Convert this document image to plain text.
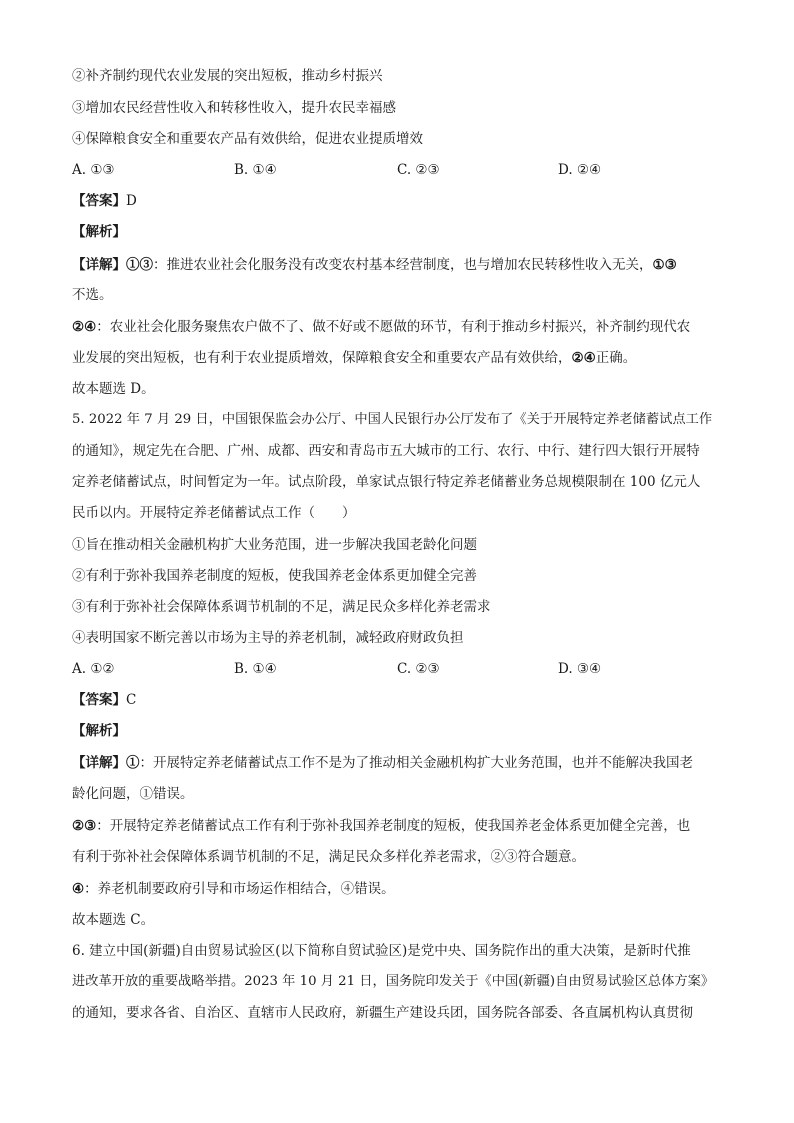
②补齐制约现代农业发展的突出短板，推动乡村振兴
③增加农民经营性收入和转移性收入，提升农民幸福感
④保障粮食安全和重要农产品有效供给，促进农业提质增效
A. ①③	B. ①④	C. ②③	D. ②④
【答案】D
【解析】
【详解】①③：推进农业社会化服务没有改变农村基本经营制度，也与增加农民转移性收入无关，①③
不选。
②④：农业社会化服务聚焦农户做不了、做不好或不愿做的环节，有利于推动乡村振兴，补齐制约现代农
业发展的突出短板，也有利于农业提质增效，保障粮食安全和重要农产品有效供给，②④正确。
故本题选 D。
5. 2022 年 7 月 29 日，中国银保监会办公厅、中国人民银行办公厅发布了《关于开展特定养老储蓄试点工作
的通知》，规定先在合肥、广州、成都、西安和青岛市五大城市的工行、农行、中行、建行四大银行开展特
定养老储蓄试点，时间暂定为一年。试点阶段，单家试点银行特定养老储蓄业务总规模限制在 100 亿元人
民币以内。开展特定养老储蓄试点工作（　　）
①旨在推动相关金融机构扩大业务范围，进一步解决我国老龄化问题
②有利于弥补我国养老制度的短板，使我国养老金体系更加健全完善
③有利于弥补社会保障体系调节机制的不足，满足民众多样化养老需求
④表明国家不断完善以市场为主导的养老机制，减轻政府财政负担
A. ①②	B. ①④	C. ②③	D. ③④
【答案】C
【解析】
【详解】①：开展特定养老储蓄试点工作不是为了推动相关金融机构扩大业务范围，也并不能解决我国老
龄化问题，①错误。
②③：开展特定养老储蓄试点工作有利于弥补我国养老制度的短板，使我国养老金体系更加健全完善，也
有利于弥补社会保障体系调节机制的不足，满足民众多样化养老需求，②③符合题意。
④：养老机制要政府引导和市场运作相结合，④错误。
故本题选 C。
6. 建立中国(新疆)自由贸易试验区(以下简称自贸试验区)是党中央、国务院作出的重大决策，是新时代推
进改革开放的重要战略举措。2023 年 10 月 21 日，国务院印发关于《中国(新疆)自由贸易试验区总体方案》
的通知，要求各省、自治区、直辖市人民政府，新疆生产建设兵团，国务院各部委、各直属机构认真贯彻
